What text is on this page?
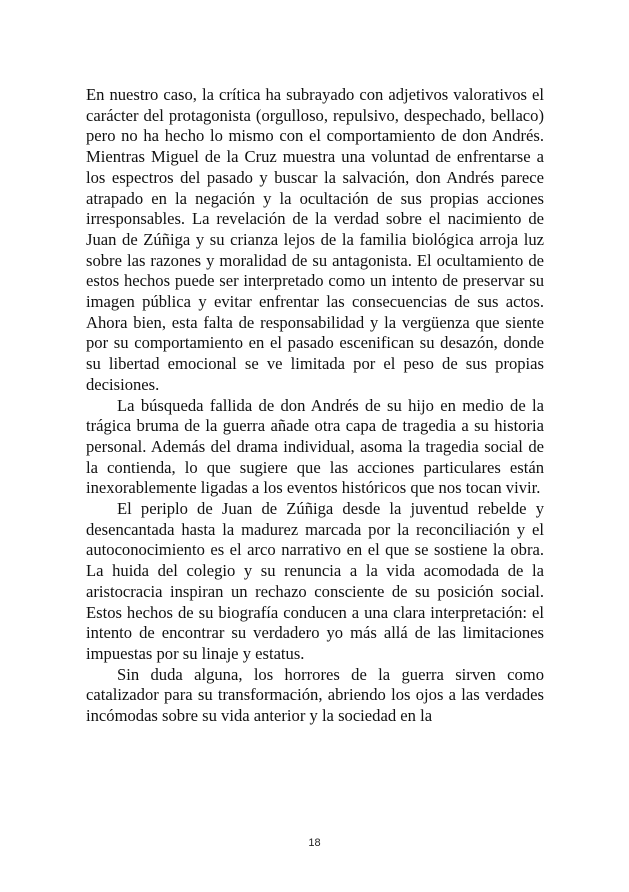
En nuestro caso, la crítica ha subrayado con adjetivos valorativos el carácter del protagonista (orgulloso, repulsivo, despechado, bellaco) pero no ha hecho lo mismo con el comportamiento de don Andrés. Mientras Miguel de la Cruz muestra una voluntad de enfrentarse a los espectros del pasado y buscar la salvación, don Andrés parece atrapado en la negación y la ocultación de sus propias acciones irresponsables. La revelación de la verdad sobre el nacimiento de Juan de Zúñiga y su crianza lejos de la familia biológica arroja luz sobre las razones y moralidad de su antagonista. El ocultamiento de estos hechos puede ser interpretado como un intento de preservar su imagen pública y evitar enfrentar las consecuencias de sus actos. Ahora bien, esta falta de responsabilidad y la vergüenza que siente por su comportamiento en el pasado escenifican su desazón, donde su libertad emocional se ve limitada por el peso de sus propias decisiones.

La búsqueda fallida de don Andrés de su hijo en medio de la trágica bruma de la guerra añade otra capa de tragedia a su historia personal. Además del drama individual, asoma la tragedia social de la contienda, lo que sugiere que las acciones particulares están inexorablemente ligadas a los eventos históricos que nos tocan vivir.

El periplo de Juan de Zúñiga desde la juventud rebelde y desencantada hasta la madurez marcada por la reconciliación y el autoconocimiento es el arco narrativo en el que se sostiene la obra. La huida del colegio y su renuncia a la vida acomodada de la aristocracia inspiran un rechazo consciente de su posición social. Estos hechos de su biografía conducen a una clara interpretación: el intento de encontrar su verdadero yo más allá de las limitaciones impuestas por su linaje y estatus.

Sin duda alguna, los horrores de la guerra sirven como catalizador para su transformación, abriendo los ojos a las verdades incómodas sobre su vida anterior y la sociedad en la

18
